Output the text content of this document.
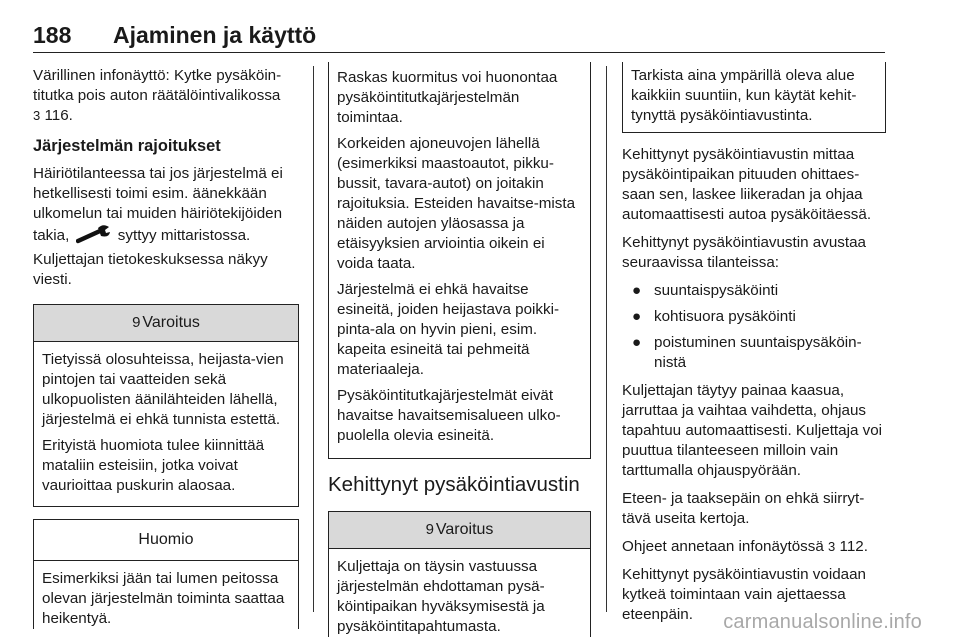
188 Ajaminen ja käyttö

Värillinen infonäyttö: Kytke pysäköin-titutka pois auton räätälöintivalikossa
3 116.

Järjestelmän rajoitukset

Häiriötilanteessa tai jos järjestelmä ei hetkellisesti toimi esim. äänekkään ulkomelun tai muiden häiriötekijöiden takia,	syttyy mittaristossa. Kuljettajan tietokeskuksessa näkyy viesti.

9 Varoitus

Tietyissä olosuhteissa, heijasta-vien pintojen tai vaatteiden sekä ulkopuolisten äänilähteiden lähellä, järjestelmä ei ehkä tunnista estettä.

Erityistä huomiota tulee kiinnittää mataliin esteisiin, jotka voivat vaurioittaa puskurin alaosaa.

Huomio

Esimerkiksi jään tai lumen peitossa olevan järjestelmän toiminta saattaa heikentyä.

Raskas kuormitus voi huonontaa pysäköintitutkajärjestelmän toimintaa.

Korkeiden ajoneuvojen lähellä (esimerkiksi maastoautot, pikku-bussit, tavara-autot) on joitakin rajoituksia. Esteiden havaitse-mista näiden autojen yläosassa ja etäisyyksien arviointia oikein ei voida taata.

Järjestelmä ei ehkä havaitse esineitä, joiden heijastava poikki-pinta-ala on hyvin pieni, esim. kapeita esineitä tai pehmeitä materiaaleja.

Pysäköintitutkajärjestelmät eivät havaitse havaitsemisalueen ulko-puolella olevia esineitä.

Kehittynyt pysäköintiavustin
9 Varoitus

Kuljettaja on täysin vastuussa järjestelmän ehdottaman pysä-köintipaikan hyväksymisestä ja pysäköintitapahtumasta.

Tarkista aina ympärillä oleva alue kaikkiin suuntiin, kun käytät kehit-tynyttä pysäköintiavustinta.

Kehittynyt pysäköintiavustin mittaa pysäköintipaikan pituuden ohittaes-saan sen, laskee liikeradan ja ohjaa automaattisesti autoa pysäköitäessä.

Kehittynyt pysäköintiavustin avustaa seuraavissa tilanteissa:

● suuntaispysäköinti
● kohtisuora pysäköinti
● poistuminen suuntaispysäköin-nistä

Kuljettajan täytyy painaa kaasua, jarruttaa ja vaihtaa vaihdetta, ohjaus tapahtuu automaattisesti. Kuljettaja voi puuttua tilanteeseen milloin vain tarttumalla ohjauspyörään.

Eteen- ja taaksepäin on ehkä siirryt-tävä useita kertoja.

Ohjeet annetaan infonäytössä 3 112.

Kehittynyt pysäköintiavustin voidaan kytkeä toimintaan vain ajettaessa eteenpäin.	carmanualsonline.info
